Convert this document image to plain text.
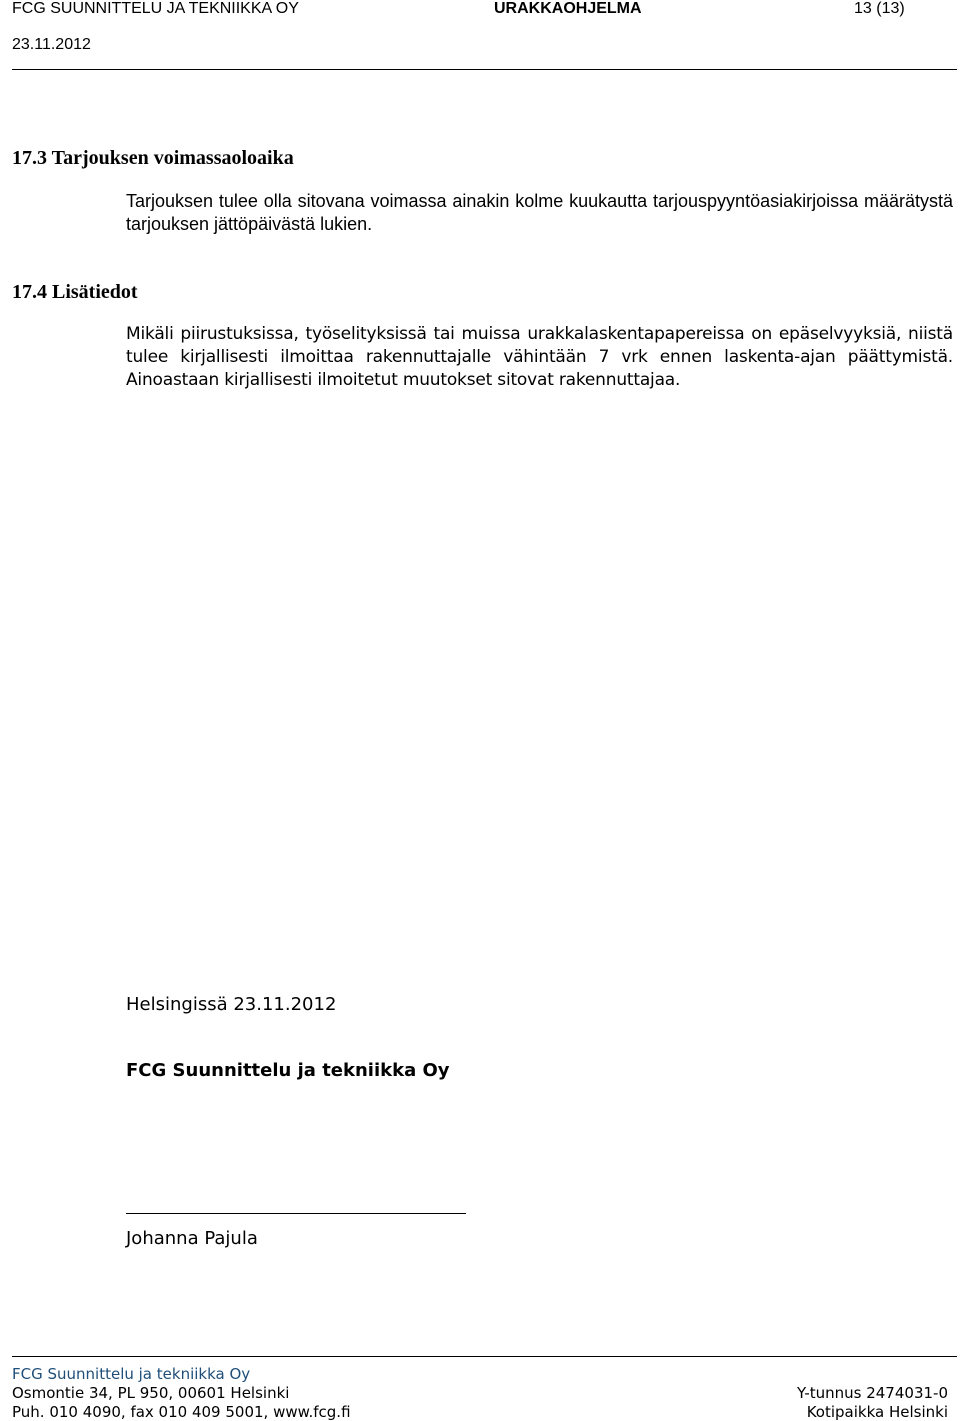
FCG SUUNNITTELU JA TEKNIIKKA OY	URAKKAOHJELMA	13 (13)
23.11.2012
17.3 Tarjouksen voimassaoloaika
Tarjouksen tulee olla sitovana voimassa ainakin kolme kuukautta tarjouspyyntöasiakirjoissa määrätystä tarjouksen jättöpäivästä lukien.
17.4 Lisätiedot
Mikäli piirustuksissa, työselityksissä tai muissa urakkalaskentapapereissa on epäselvyyksiä, niistä tulee kirjallisesti ilmoittaa rakennuttajalle vähintään 7 vrk ennen laskenta-ajan päättymistä. Ainoastaan kirjallisesti ilmoitetut muutokset sitovat rakennuttajaa.
Helsingissä 23.11.2012
FCG Suunnittelu ja tekniikka Oy
Johanna Pajula
FCG Suunnittelu ja tekniikka Oy
Osmontie 34, PL 950, 00601 Helsinki
Puh. 010 4090, fax 010 409 5001, www.fcg.fi
Y-tunnus 2474031-0
Kotipaikka Helsinki
